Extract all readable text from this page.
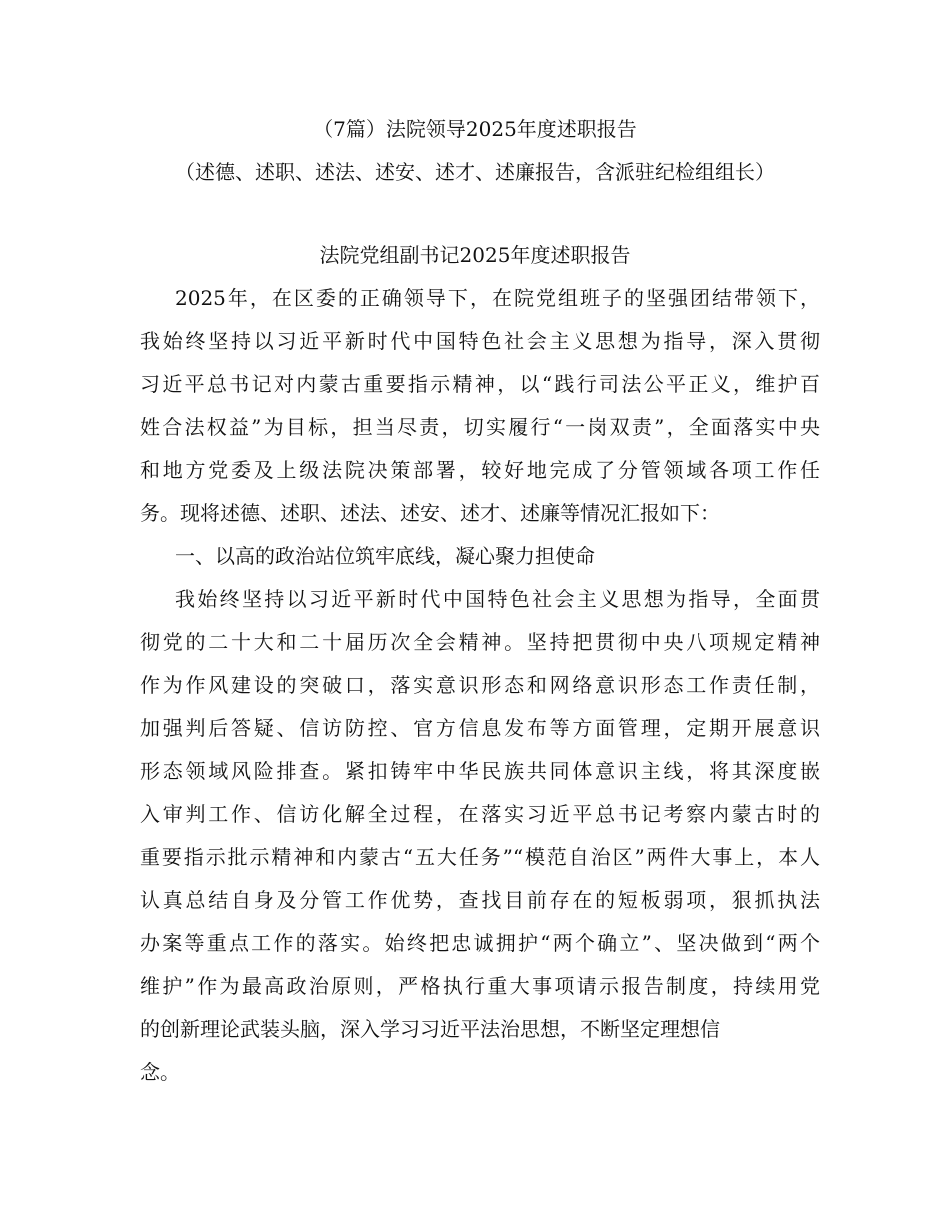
（7篇）法院领导2025年度述职报告

（述德、述职、述法、述安、述才、述廉报告，含派驻纪检组组长）

法院党组副书记2025年度述职报告

2025年，在区委的正确领导下，在院党组班子的坚强团结带领下，

我始终坚持以习近平新时代中国特色社会主义思想为指导，深入贯彻

习近平总书记对内蒙古重要指示精神，以“践行司法公平正义，维护百

姓合法权益”为目标，担当尽责，切实履行“一岗双责”，全面落实中央

和地方党委及上级法院决策部署，较好地完成了分管领域各项工作任

务。现将述德、述职、述法、述安、述才、述廉等情况汇报如下：

一、以高的政治站位筑牢底线，凝心聚力担使命

我始终坚持以习近平新时代中国特色社会主义思想为指导，全面贯

彻党的二十大和二十届历次全会精神。坚持把贯彻中央八项规定精神

作为作风建设的突破口，落实意识形态和网络意识形态工作责任制，

加强判后答疑、信访防控、官方信息发布等方面管理，定期开展意识

形态领域风险排查。紧扣铸牢中华民族共同体意识主线，将其深度嵌

入审判工作、信访化解全过程，在落实习近平总书记考察内蒙古时的

重要指示批示精神和内蒙古“五大任务”“模范自治区”两件大事上，本人

认真总结自身及分管工作优势，查找目前存在的短板弱项，狠抓执法

办案等重点工作的落实。始终把忠诚拥护“两个确立”、坚决做到“两个

维护”作为最高政治原则，严格执行重大事项请示报告制度，持续用党

的创新理论武装头脑，深入学习习近平法治思想，不断坚定理想信

念。
